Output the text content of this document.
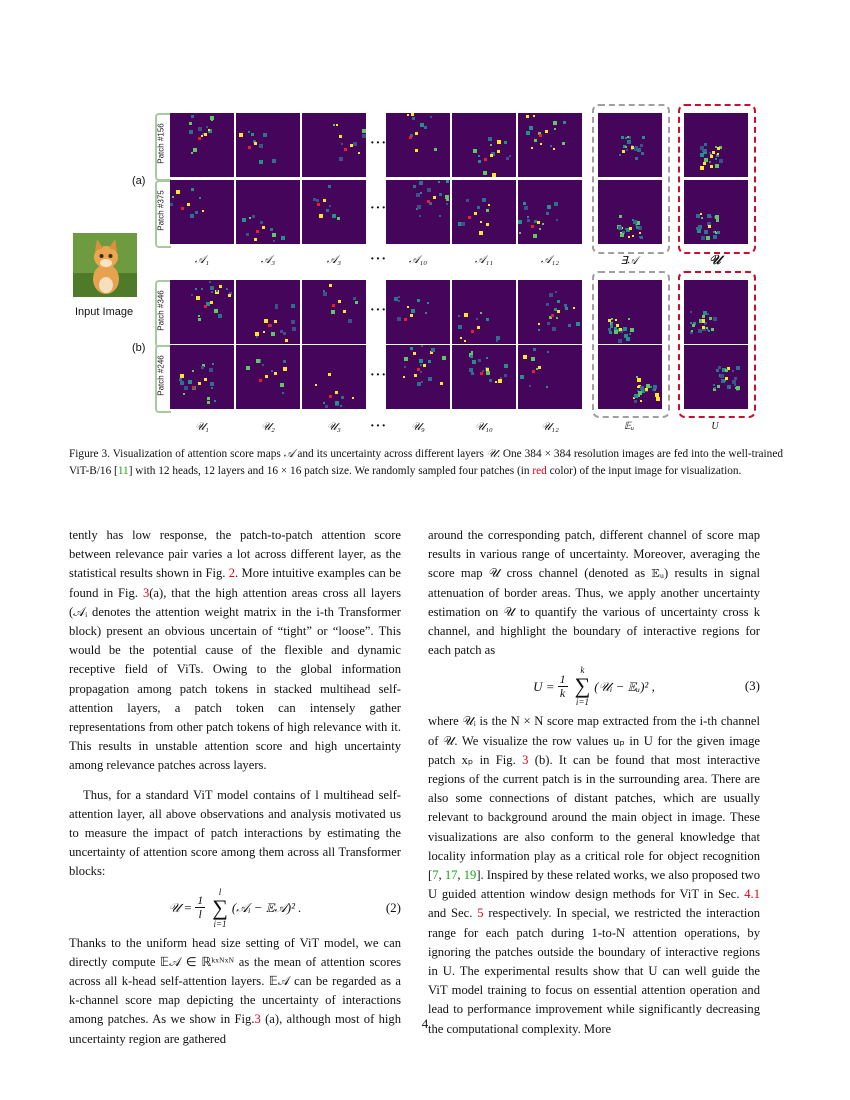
Input Image
(a)
(b)
Patch #156
Patch #375
Patch #346
Patch #246
···
···
···
···
···
···
𝒜₁	𝒜₃	𝒜₃	𝒜₁₀	𝒜₁₁	𝒜₁₂	∃𝒜	𝒰
𝒰₁	𝒰₂	𝒰₃	𝒰₉	𝒰₁₀	𝒰₁₂	𝔼ᵤ	U
Figure 3. Visualization of attention score maps 𝒜 and its uncertainty across different layers 𝒰. One 384 × 384 resolution images are fed into the well-trained ViT-B/16 [11] with 12 heads, 12 layers and 16 × 16 patch size. We randomly sampled four patches (in red color) of the input image for visualization.

tently has low response, the patch-to-patch attention score between relevance pair varies a lot across different layer, as the statistical results shown in Fig. 2. More intuitive examples can be found in Fig. 3(a), that the high attention areas cross all layers (𝒜ᵢ denotes the attention weight matrix in the i-th Transformer block) present an obvious uncertain of “tight” or “loose”. This would be the potential cause of the flexible and dynamic receptive field of ViTs. Owing to the global information propagation among patch tokens in stacked multihead self-attention layers, a patch token can intensely gather representations from other patch tokens of high relevance with it. This results in unstable attention score and high uncertainty among relevance patches across layers.

Thus, for a standard ViT model contains of l multihead self-attention layer, all above observations and analysis motivated us to measure the impact of patch interactions by estimating the uncertainty of attention score among them across all Transformer blocks:

𝒰 = $\frac{1}{l}$
l
∑
i=1
(𝒜ᵢ − 𝔼𝒜)² .	(2)

Thanks to the uniform head size setting of ViT model, we can directly compute 𝔼𝒜 ∈ ℝᵏˣᴺˣᴺ as the mean of attention scores across all k-head self-attention layers. 𝔼𝒜 can be regarded as a k-channel score map depicting the uncertainty of interactions among patches. As we show in Fig.3 (a), although most of high uncertainty region are gathered

around the corresponding patch, different channel of score map results in various range of uncertainty. Moreover, averaging the score map 𝒰 cross channel (denoted as 𝔼ᵤ) results in signal attenuation of border areas. Thus, we apply another uncertainty estimation on 𝒰 to quantify the various of uncertainty cross k channel, and highlight the boundary of interactive regions for each patch as

$U = \frac{1}{k}$
k
∑
i=1
(𝒰ᵢ − 𝔼ᵤ)² ,	(3)

where 𝒰ᵢ is the N × N score map extracted from the i-th channel of 𝒰. We visualize the row values uₚ in U for the given image patch xₚ in Fig. 3 (b). It can be found that most interactive regions of the current patch is in the surrounding area. There are also some connections of distant patches, which are usually relevant to background around the main object in image. These visualizations are also conform to the general knowledge that locality information play as a critical role for object recognition [7, 17, 19]. Inspired by these related works, we also proposed two U guided attention window design methods for ViT in Sec. 4.1 and Sec. 5 respectively. In special, we restricted the interaction range for each patch during 1-to-N attention operations, by ignoring the patches outside the boundary of interactive regions in U. The experimental results show that U can well guide the ViT model training to focus on essential attention operation and lead to performance improvement while significantly decreasing the computational complexity. More

4
